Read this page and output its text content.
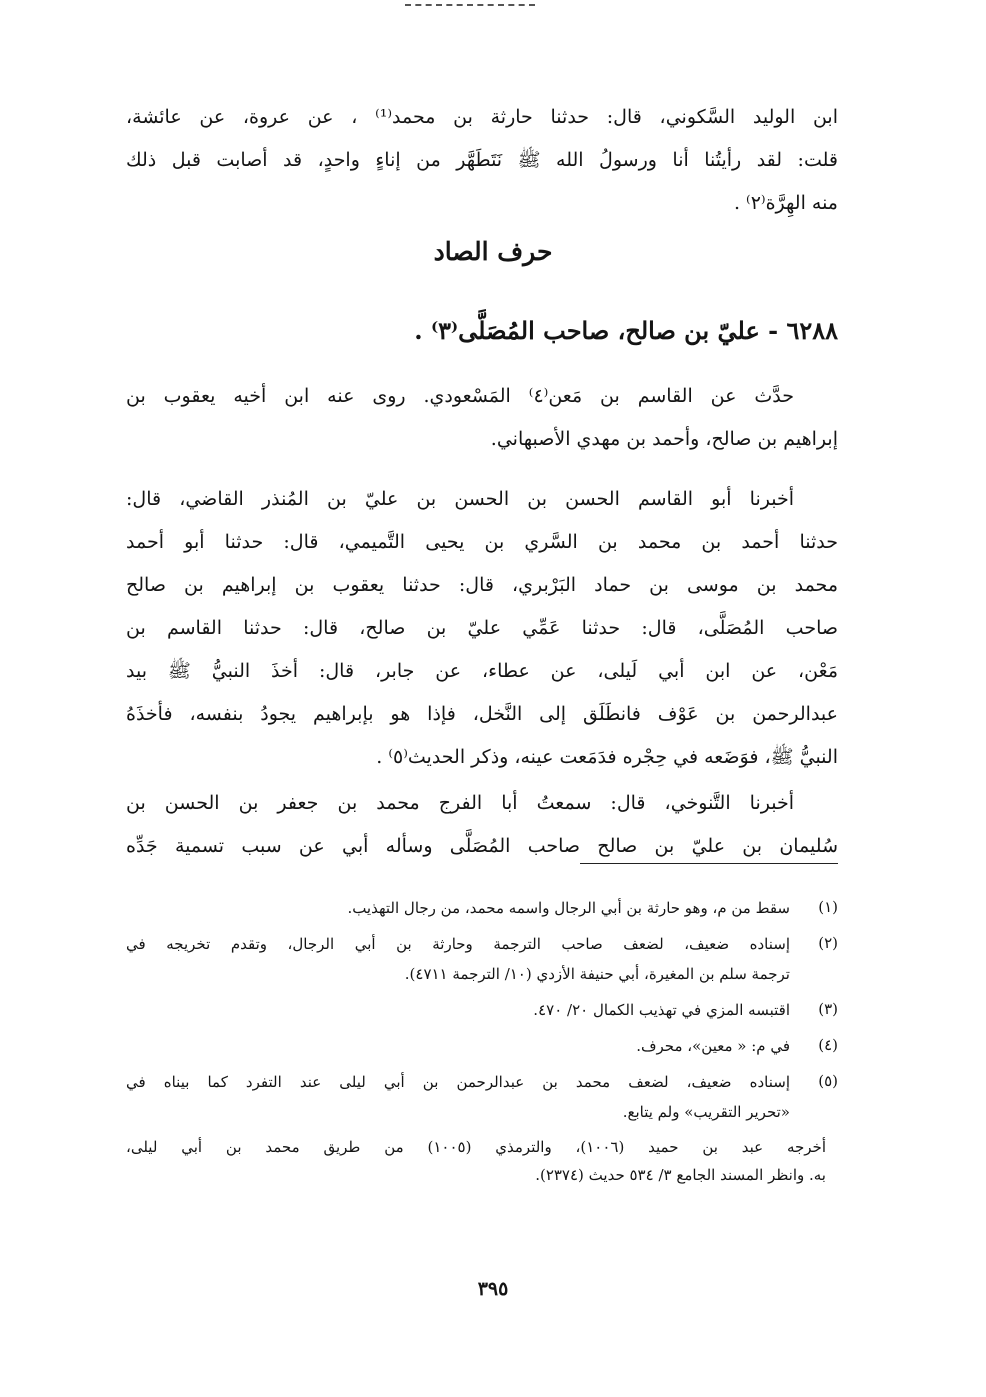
ابن الوليد السَّكوني، قال: حدثنا حارثة بن محمد⁽¹⁾ ، عن عروة، عن عائشة،
قلت: لقد رأيتُنا أنا ورسولُ الله ﷺ نَتَطَهَّر من إناءٍ واحدٍ، قد أصابت قبل ذلك
منه الهِرَّة⁽٢⁾ .
حرف الصاد
٦٢٨٨ - عليّ بن صالح، صاحب المُصَلَّى⁽٣⁾ .
حدَّث عن القاسم بن مَعن⁽٤⁾ المَسْعودي. روى عنه ابن أخيه يعقوب بن
إبراهيم بن صالح، وأحمد بن مهدي الأصبهاني.
أخبرنا أبو القاسم الحسن بن الحسن بن عليّ بن المُنذر القاضي، قال:
حدثنا أحمد بن محمد بن السَّري بن يحيى التَّميمي، قال: حدثنا أبو أحمد
محمد بن موسى بن حماد البَرْبري، قال: حدثنا يعقوب بن إبراهيم بن صالح
صاحب المُصَلَّى، قال: حدثنا عَمِّي عليّ بن صالح، قال: حدثنا القاسم بن
مَعْن، عن ابن أبي لَيلى، عن عطاء، عن جابر، قال: أخذَ النبيُّ ﷺ بيد
عبدالرحمن بن عَوْف فانطَلَق إلى النَّخل، فإذا هو بإبراهيم يجودُ بنفسه، فأخذَهُ
النبيُّ ﷺ، فوَضَعه في حِجْره فدَمَعت عينه، وذكر الحديث⁽٥⁾ .
أخبرنا التَّنوخي، قال: سمعتُ أبا الفرج محمد بن جعفر بن الحسن بن
سُليمان بن عليّ بن صالح صاحب المُصَلَّى وسأله أبي عن سبب تسمية جَدِّه
(١)
سقط من م، وهو حارثة بن أبي الرجال واسمه محمد، من رجال التهذيب.
(٢)
إسناده ضعيف، لضعف صاحب الترجمة وحارثة بن أبي الرجال، وتقدم تخريجه في
ترجمة سلم بن المغيرة، أبي حنيفة الأزدي (١٠/ الترجمة ٤٧١١).
(٣)
اقتبسه المزي في تهذيب الكمال ٢٠/ ٤٧٠.
(٤)
في م: « معين»، محرف.
(٥)
إسناده ضعيف، لضعف محمد بن عبدالرحمن بن أبي ليلى عند التفرد كما بيناه في
«تحرير التقريب» ولم يتابع.
أخرجه عبد بن حميد (١٠٠٦)، والترمذي (١٠٠٥) من طريق محمد بن أبي ليلى،
به. وانظر المسند الجامع ٣/ ٥٣٤ حديث (٢٣٧٤).
٣٩٥
